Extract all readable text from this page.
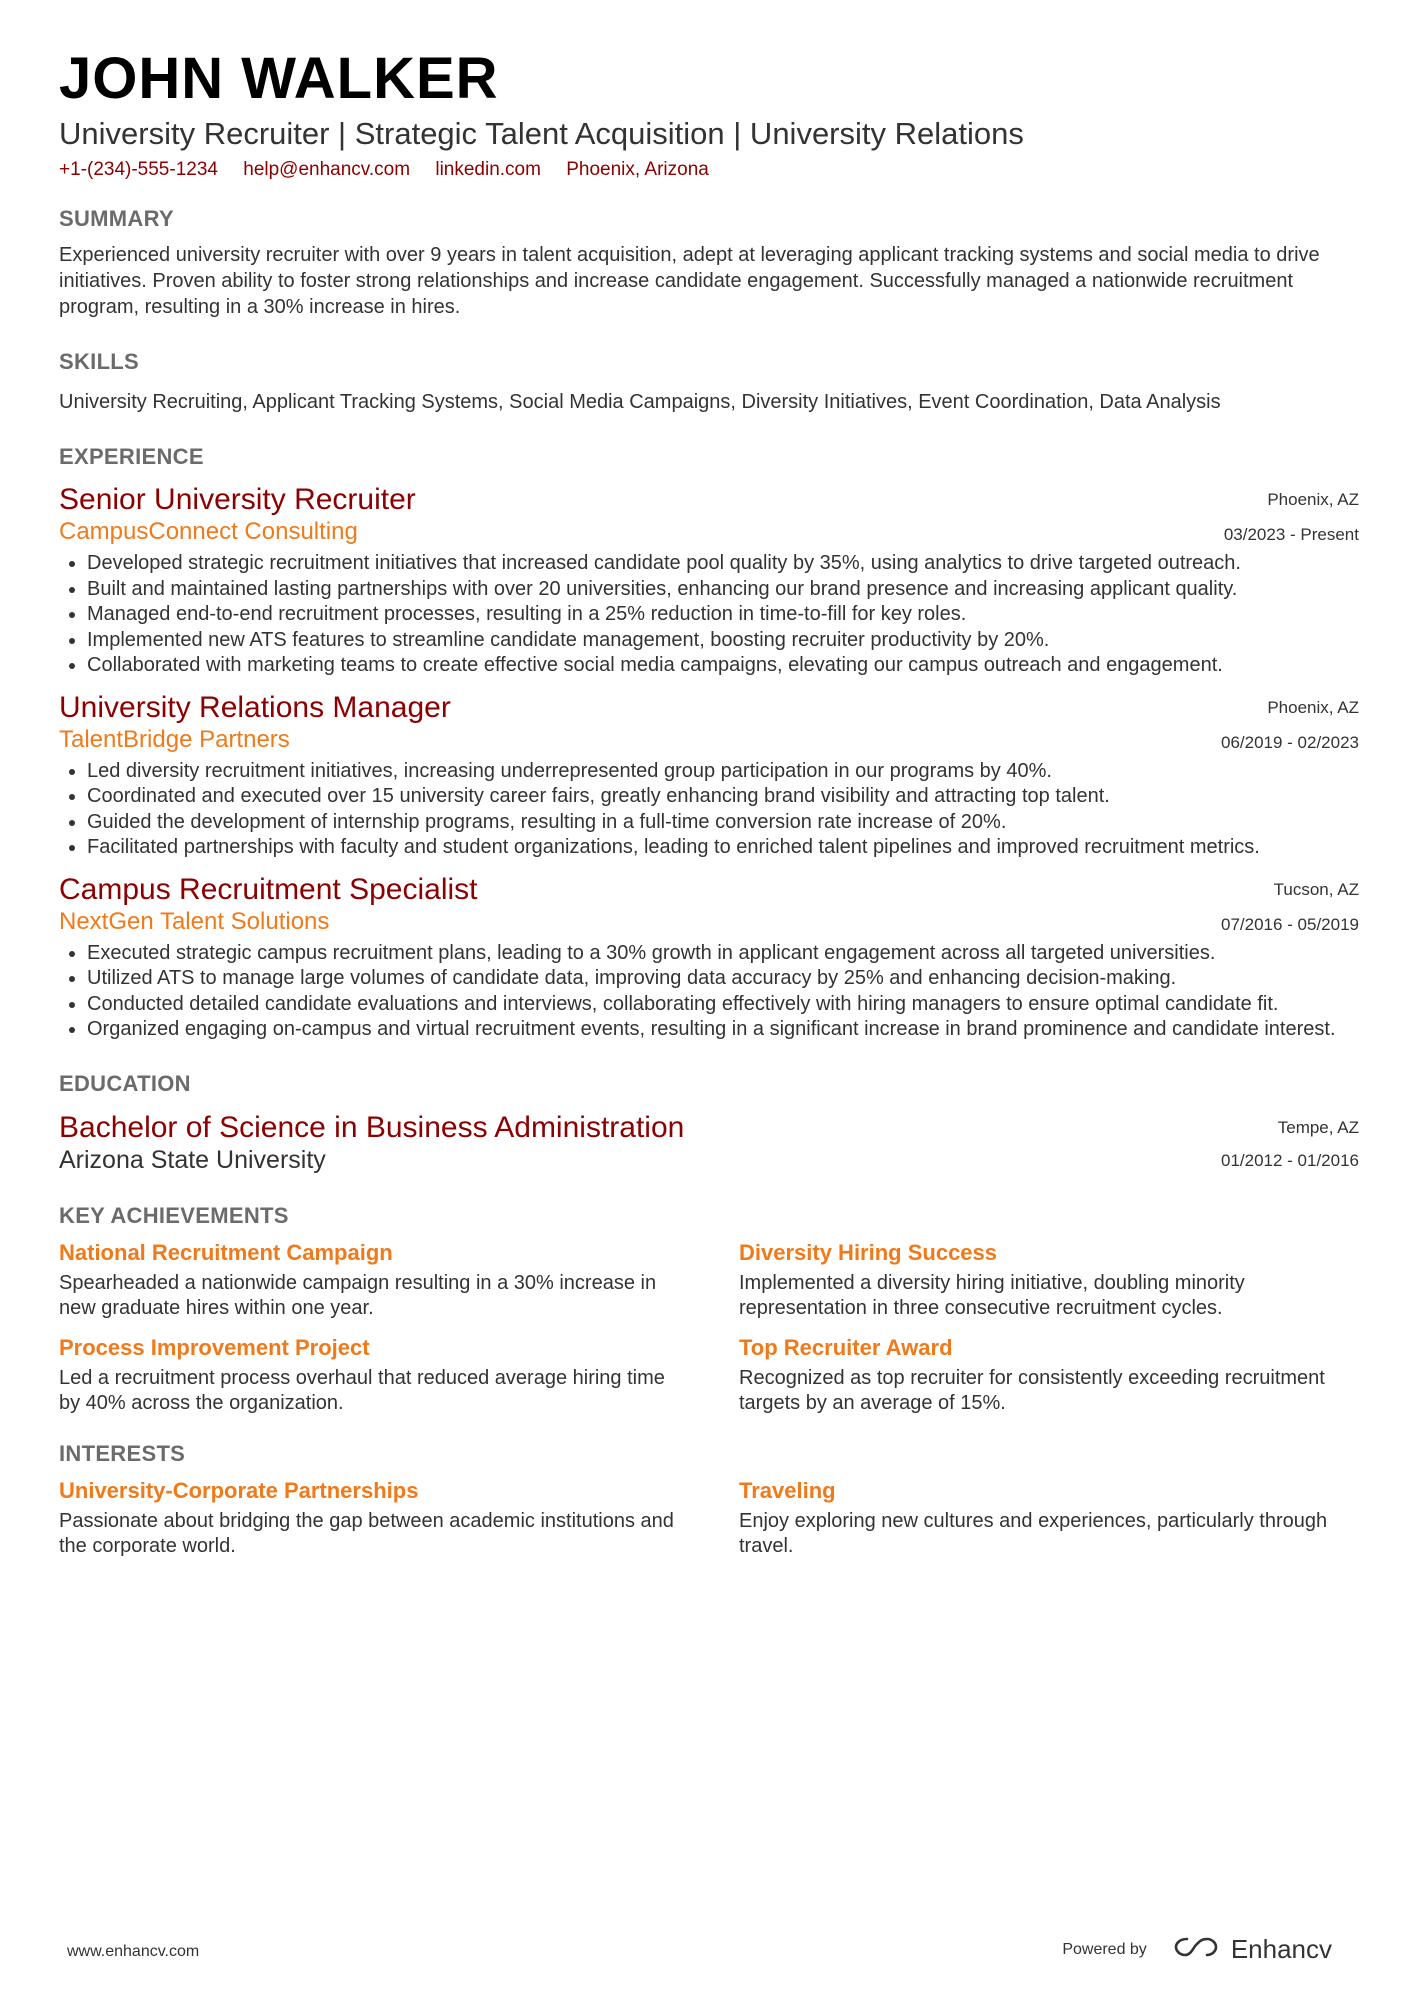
JOHN WALKER
University Recruiter | Strategic Talent Acquisition | University Relations
+1-(234)-555-1234 help@enhancv.com linkedin.com Phoenix, Arizona
SUMMARY
Experienced university recruiter with over 9 years in talent acquisition, adept at leveraging applicant tracking systems and social media to drive initiatives. Proven ability to foster strong relationships and increase candidate engagement. Successfully managed a nationwide recruitment program, resulting in a 30% increase in hires.
SKILLS
University Recruiting, Applicant Tracking Systems, Social Media Campaigns, Diversity Initiatives, Event Coordination, Data Analysis
EXPERIENCE
Phoenix, AZ
03/2023 - Present
Senior University Recruiter
CampusConnect Consulting
• Developed strategic recruitment initiatives that increased candidate pool quality by 35%, using analytics to drive targeted outreach.
• Built and maintained lasting partnerships with over 20 universities, enhancing our brand presence and increasing applicant quality.
• Managed end-to-end recruitment processes, resulting in a 25% reduction in time-to-fill for key roles.
• Implemented new ATS features to streamline candidate management, boosting recruiter productivity by 20%.
• Collaborated with marketing teams to create effective social media campaigns, elevating our campus outreach and engagement.
Phoenix, AZ
06/2019 - 02/2023
University Relations Manager
TalentBridge Partners
• Led diversity recruitment initiatives, increasing underrepresented group participation in our programs by 40%.
• Coordinated and executed over 15 university career fairs, greatly enhancing brand visibility and attracting top talent.
• Guided the development of internship programs, resulting in a full-time conversion rate increase of 20%.
• Facilitated partnerships with faculty and student organizations, leading to enriched talent pipelines and improved recruitment metrics.
Tucson, AZ
07/2016 - 05/2019
Campus Recruitment Specialist
NextGen Talent Solutions
• Executed strategic campus recruitment plans, leading to a 30% growth in applicant engagement across all targeted universities.
• Utilized ATS to manage large volumes of candidate data, improving data accuracy by 25% and enhancing decision-making.
• Conducted detailed candidate evaluations and interviews, collaborating effectively with hiring managers to ensure optimal candidate fit.
• Organized engaging on-campus and virtual recruitment events, resulting in a significant increase in brand prominence and candidate interest.
EDUCATION
Tempe, AZ
01/2012 - 01/2016
Bachelor of Science in Business Administration
Arizona State University
KEY ACHIEVEMENTS
National Recruitment Campaign
Spearheaded a nationwide campaign resulting in a 30% increase in new graduate hires within one year.
Diversity Hiring Success
Implemented a diversity hiring initiative, doubling minority representation in three consecutive recruitment cycles.
Process Improvement Project
Led a recruitment process overhaul that reduced average hiring time by 40% across the organization.
Top Recruiter Award
Recognized as top recruiter for consistently exceeding recruitment targets by an average of 15%.
INTERESTS
University-Corporate Partnerships
Passionate about bridging the gap between academic institutions and the corporate world.
Traveling
Enjoy exploring new cultures and experiences, particularly through travel.
www.enhancv.com	Powered by	Enhancv
